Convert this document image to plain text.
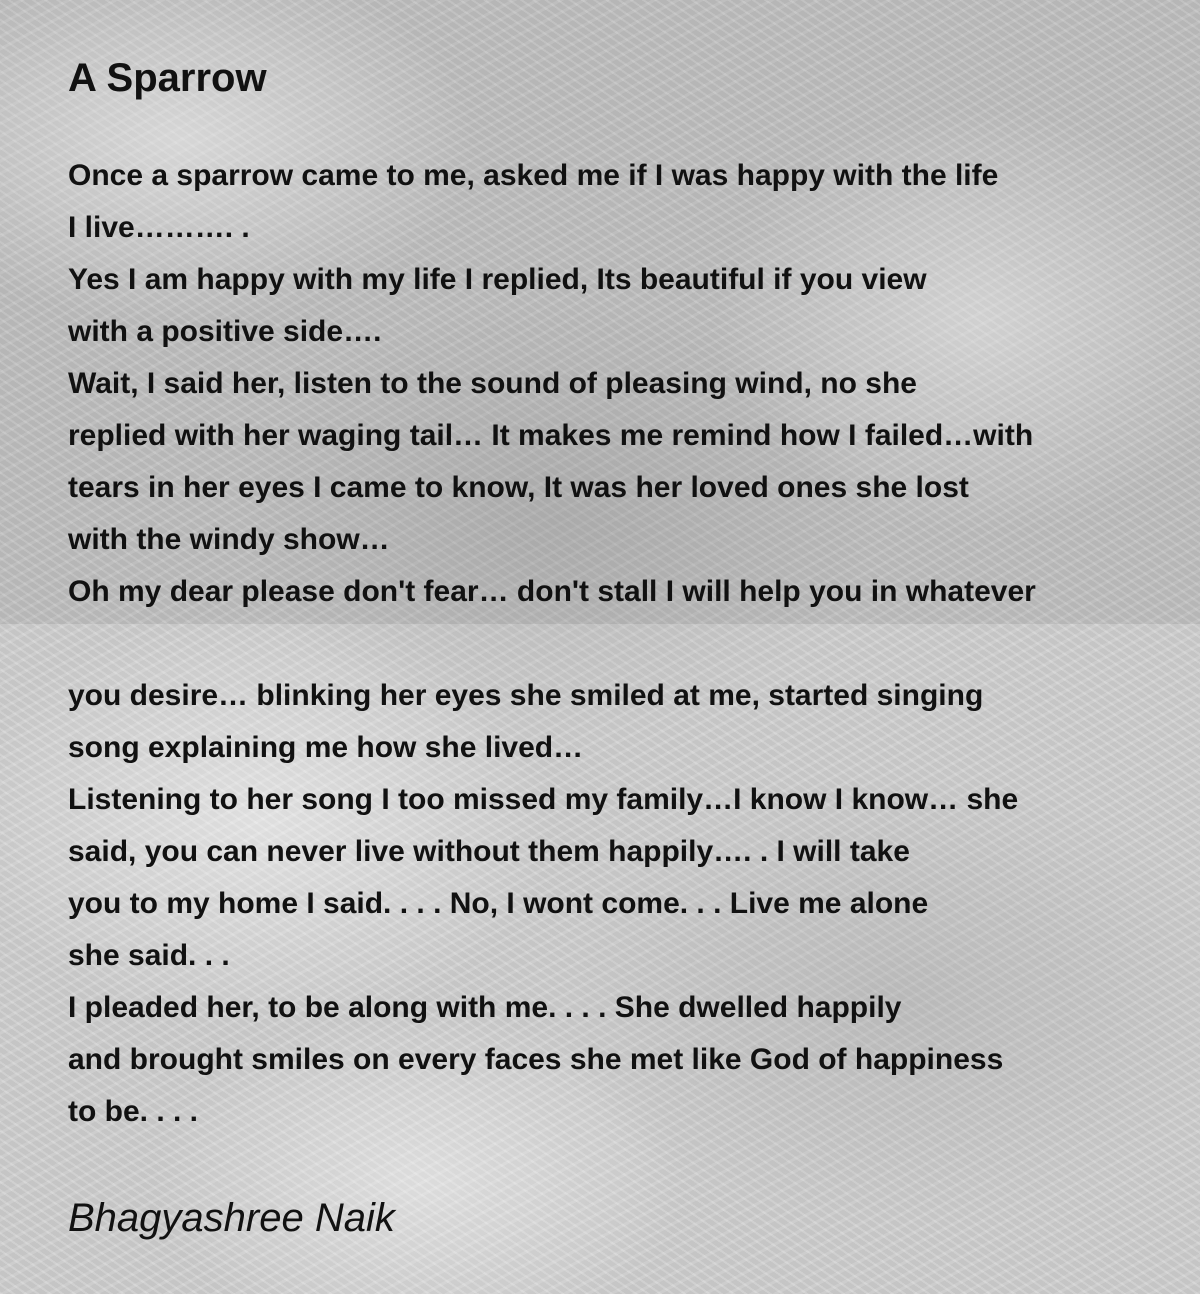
A Sparrow
Once a sparrow came to me, asked me if I was happy with the life
I live………. .
Yes I am happy with my life I replied, Its beautiful if you view
with a positive side….
Wait, I said her, listen to the sound of pleasing wind, no she
replied with her waging tail… It makes me remind how I failed…with
tears in her eyes I came to know, It was her loved ones she lost
with the windy show…
Oh my dear please don't fear… don't stall I will help you in whatever
you desire… blinking her eyes she smiled at me, started singing
song explaining me how she lived…
Listening to her song I too missed my family…I know I know… she
said, you can never live without them happily…. . I will take
you to my home I said. . . . No, I wont come. . . Live me alone
she said. . .
I pleaded her, to be along with me. . . . She dwelled happily
and brought smiles on every faces she met like God of happiness
to be. . . .

Bhagyashree Naik
